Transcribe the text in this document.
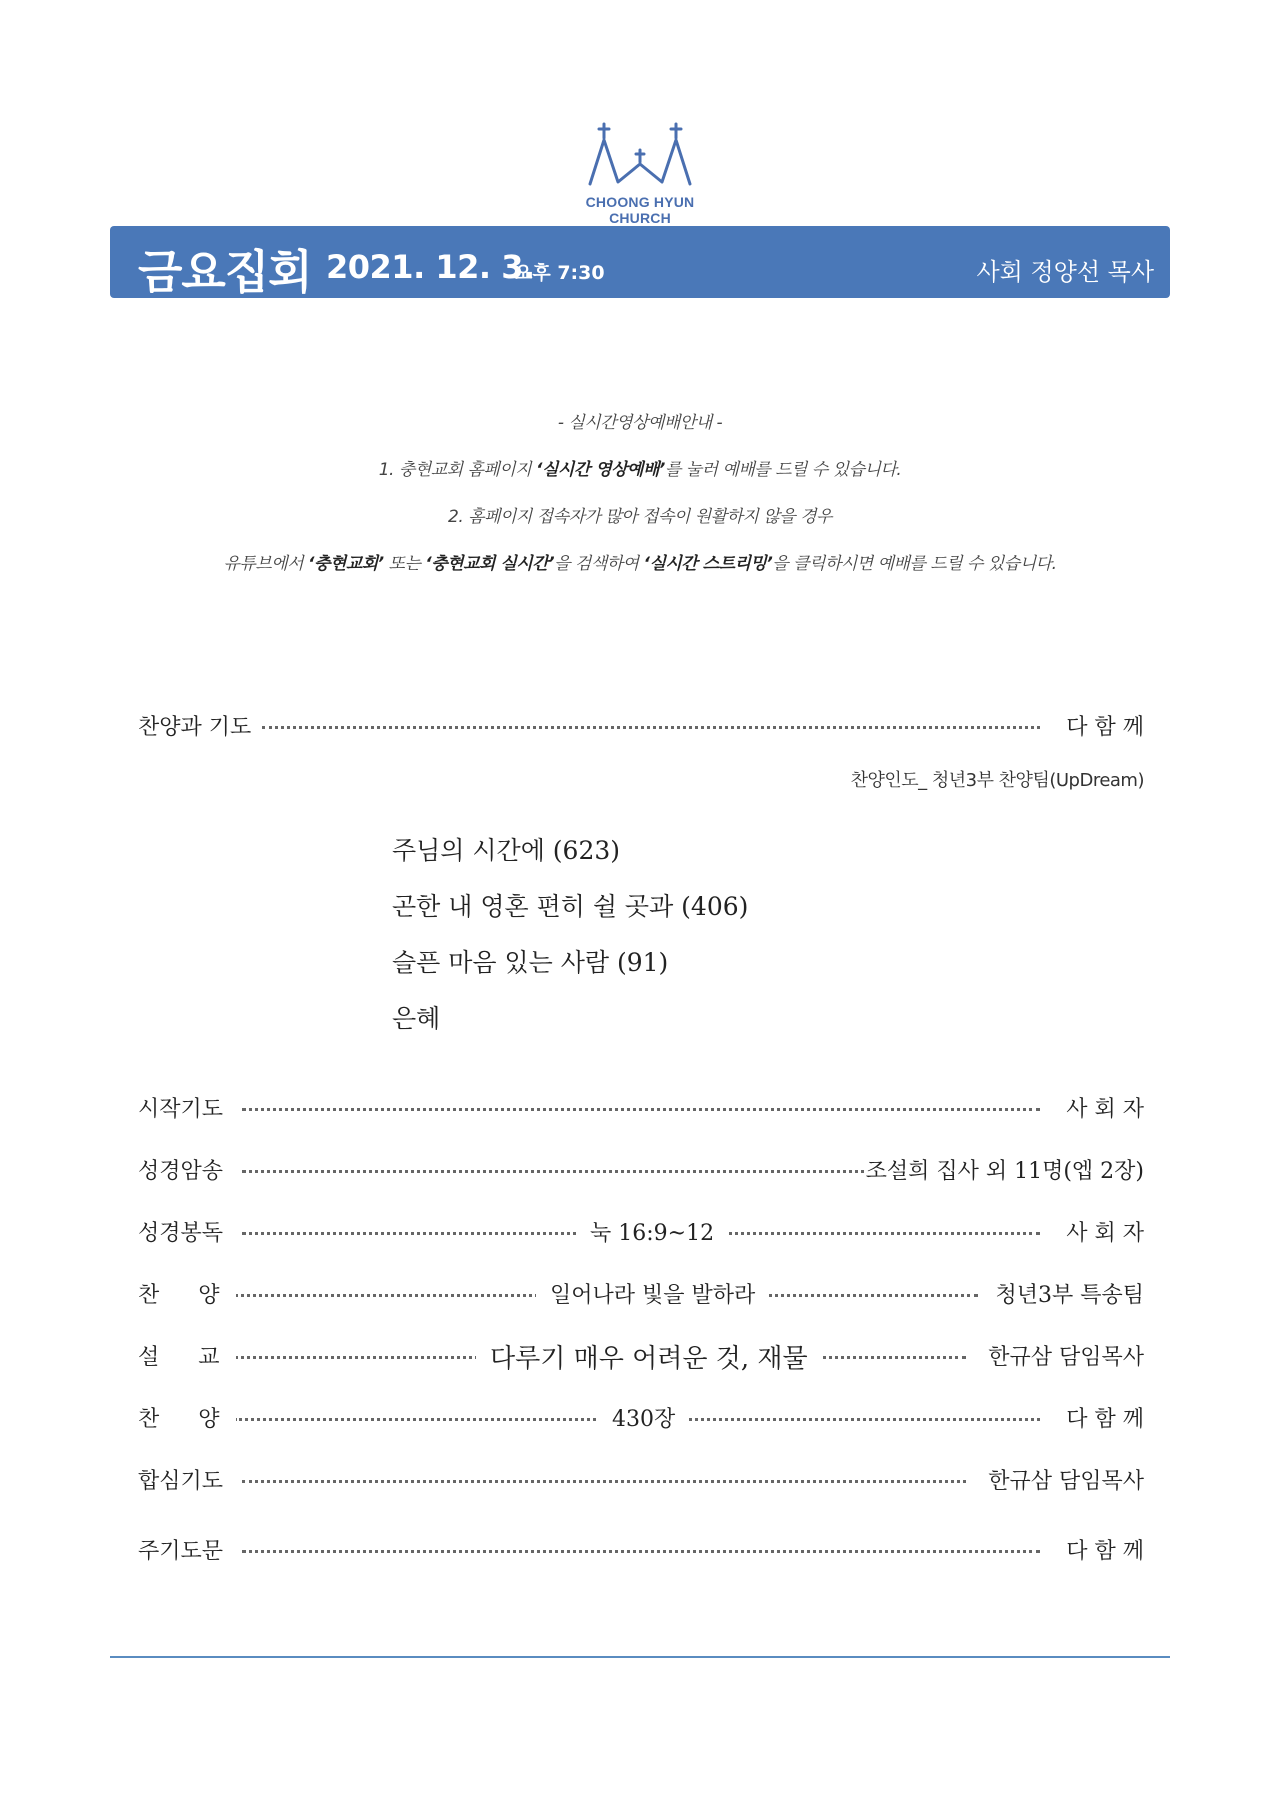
CHOONG HYUN CHURCH
금요집회 2021. 12. 3.
오후 7:30	사회 정양선 목사
- 실시간영상예배안내 -
1. 충현교회 홈페이지 ‘실시간 영상예배’를 눌러 예배를 드릴 수 있습니다.
2. 홈페이지 접속자가 많아 접속이 원활하지 않을 경우
유튜브에서 ‘충현교회’ 또는 ‘충현교회 실시간’을 검색하여 ‘실시간 스트리밍’을 클릭하시면 예배를 드릴 수 있습니다.
찬양과 기도	다 함 께
찬양인도_ 청년3부 찬양팀(UpDream)
주님의 시간에 (623)
곤한 내 영혼 편히 쉴 곳과 (406)
슬픈 마음 있는 사람 (91)
은혜
시작기도	사 회 자
성경암송	조설희 집사 외 11명(엡 2장)
성경봉독	눅 16:9~12	사 회 자
찬 양	일어나라 빛을 발하라	청년3부 특송팀
설 교	다루기 매우 어려운 것, 재물	한규삼 담임목사
찬 양	430장	다 함 께
합심기도	한규삼 담임목사
주기도문	다 함 께
